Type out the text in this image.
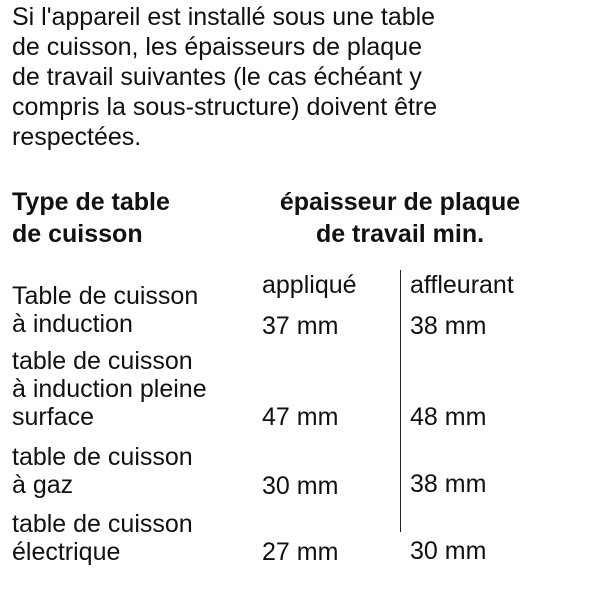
Si l'appareil est installé sous une table
de cuisson, les épaisseurs de plaque
de travail suivantes (le cas échéant y
compris la sous-structure) doivent être
respectées.
Type de table
de cuisson
épaisseur de plaque
de travail min.
appliqué affleurant
Table de cuisson
à induction	37 mm	38 mm
table de cuisson
à induction pleine
surface	47 mm	48 mm
table de cuisson
à gaz	30 mm	38 mm
table de cuisson
électrique	27 mm	30 mm
